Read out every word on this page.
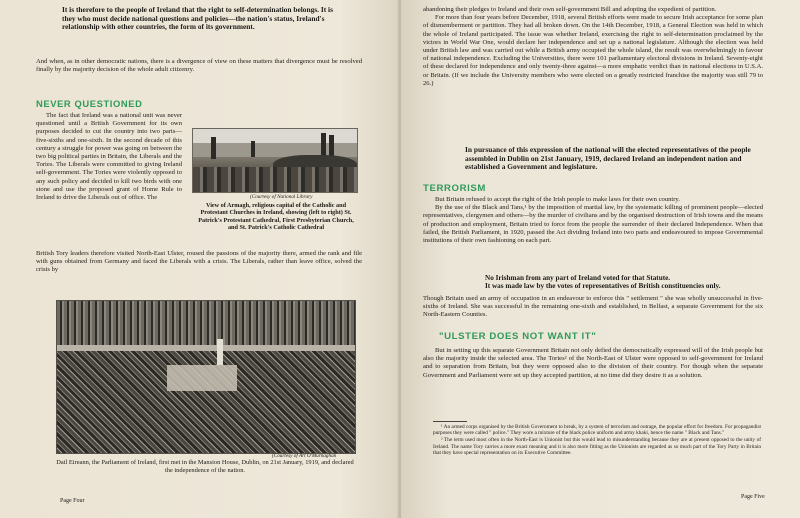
It is therefore to the people of Ireland that the right to self-determination belongs. It is they who must decide national questions and policies—the nation's status, Ireland's relationship with other countries, the form of its government.

And when, as in other democratic nations, there is a divergence of view on these matters that divergence must be resolved finally by the majority decision of the whole adult citizenry.

NEVER QUESTIONED

The fact that Ireland was a national unit was never questioned until a British Government for its own purposes decided to cut the country into two parts—five-sixths and one-sixth. In the second decade of this century a struggle for power was going on between the two big political parties in Britain, the Liberals and the Tories. The Liberals were committed to giving Ireland self-government. The Tories were violently opposed to any such policy and decided to kill two birds with one stone and use the proposed grant of Home Rule to Ireland to drive the Liberals out of office. The	(Courtesy of National Library

View of Armagh, religious capital of the Catholic and Protestant Churches in Ireland, showing (left to right) St. Patrick's Protestant Cathedral, First Presbyterian Church, and St. Patrick's Catholic Cathedral

British Tory leaders therefore visited North-East Ulster, roused the passions of the majority there, armed the rank and file with guns obtained from Germany and faced the Liberals with a crisis. The Liberals, rather than leave office, solved the crisis by

(Courtesy of Art O'Murnaghan

Dail Eireann, the Parliament of Ireland, first met in the Mansion House, Dublin, on 21st January, 1919, and declared the independence of the nation.

Page Four

abandoning their pledges to Ireland and their own self-government Bill and adopting the expedient of partition.

For more than four years before December, 1918, several British efforts were made to secure Irish acceptance for some plan of dismemberment or partition. They had all broken down. On the 14th December, 1918, a General Election was held in which the whole of Ireland participated. The issue was whether Ireland, exercising the right to self-determination proclaimed by the victors in World War One, would declare her independence and set up a national legislature. Although the election was held under British law and was carried out while a British army occupied the whole island, the result was overwhelmingly in favour of national independence. Excluding the Universities, there were 101 parliamentary electoral divisions in Ireland. Seventy-eight of these declared for independence and only twenty-three against—a more emphatic verdict than in national elections in U.S.A. or Britain. (If we include the University members who were elected on a greatly restricted franchise the majority was still 79 to 26.)

In pursuance of this expression of the national will the elected representatives of the people assembled in Dublin on 21st January, 1919, declared Ireland an independent nation and established a Government and legislature.

TERRORISM

But Britain refused to accept the right of the Irish people to make laws for their own country.

By the use of the Black and Tans,¹ by the imposition of martial law, by the systematic killing of prominent people—elected representatives, clergymen and others—by the murder of civilians and by the organised destruction of Irish towns and the means of production and employment, Britain tried to force from the people the surrender of their declared Independence. When that failed, the British Parliament, in 1920, passed the Act dividing Ireland into two parts and endeavoured to impose Governmental institutions of their own fashioning on each part.

No Irishman from any part of Ireland voted for that Statute.

It was made law by the votes of representatives of British constituencies only.

Though Britain used an army of occupation in an endeavour to enforce this " settlement " she was wholly unsuccessful in five-sixths of Ireland. She was successful in the remaining one-sixth and established, in Belfast, a separate Government for the six North-Eastern Counties.

"ULSTER DOES NOT WANT IT"

But in setting up this separate Government Britain not only defied the democratically expressed will of the Irish people but also the majority inside the selected area. The Tories² of the North-East of Ulster were opposed to self-government for Ireland and to separation from Britain, but they were opposed also to the division of their country. For though when the separate Government and Parliament were set up they accepted partition, at no time did they desire it as a solution.

¹ An armed corps organised by the British Government to break, by a system of terrorism and outrage, the popular effort for freedom. For propagandist purposes they were called " police." They wore a mixture of the black police uniform and army khaki, hence the name " Black and Tans."

² The term used most often in the North-East is Unionist but this would lead to misunderstanding because they are at present opposed to the unity of Ireland. The name Tory carries a more exact meaning and it is also more fitting as the Unionists are regarded as so much part of the Tory Party in Britain that they have special representation on its Executive Committee.

Page Five
